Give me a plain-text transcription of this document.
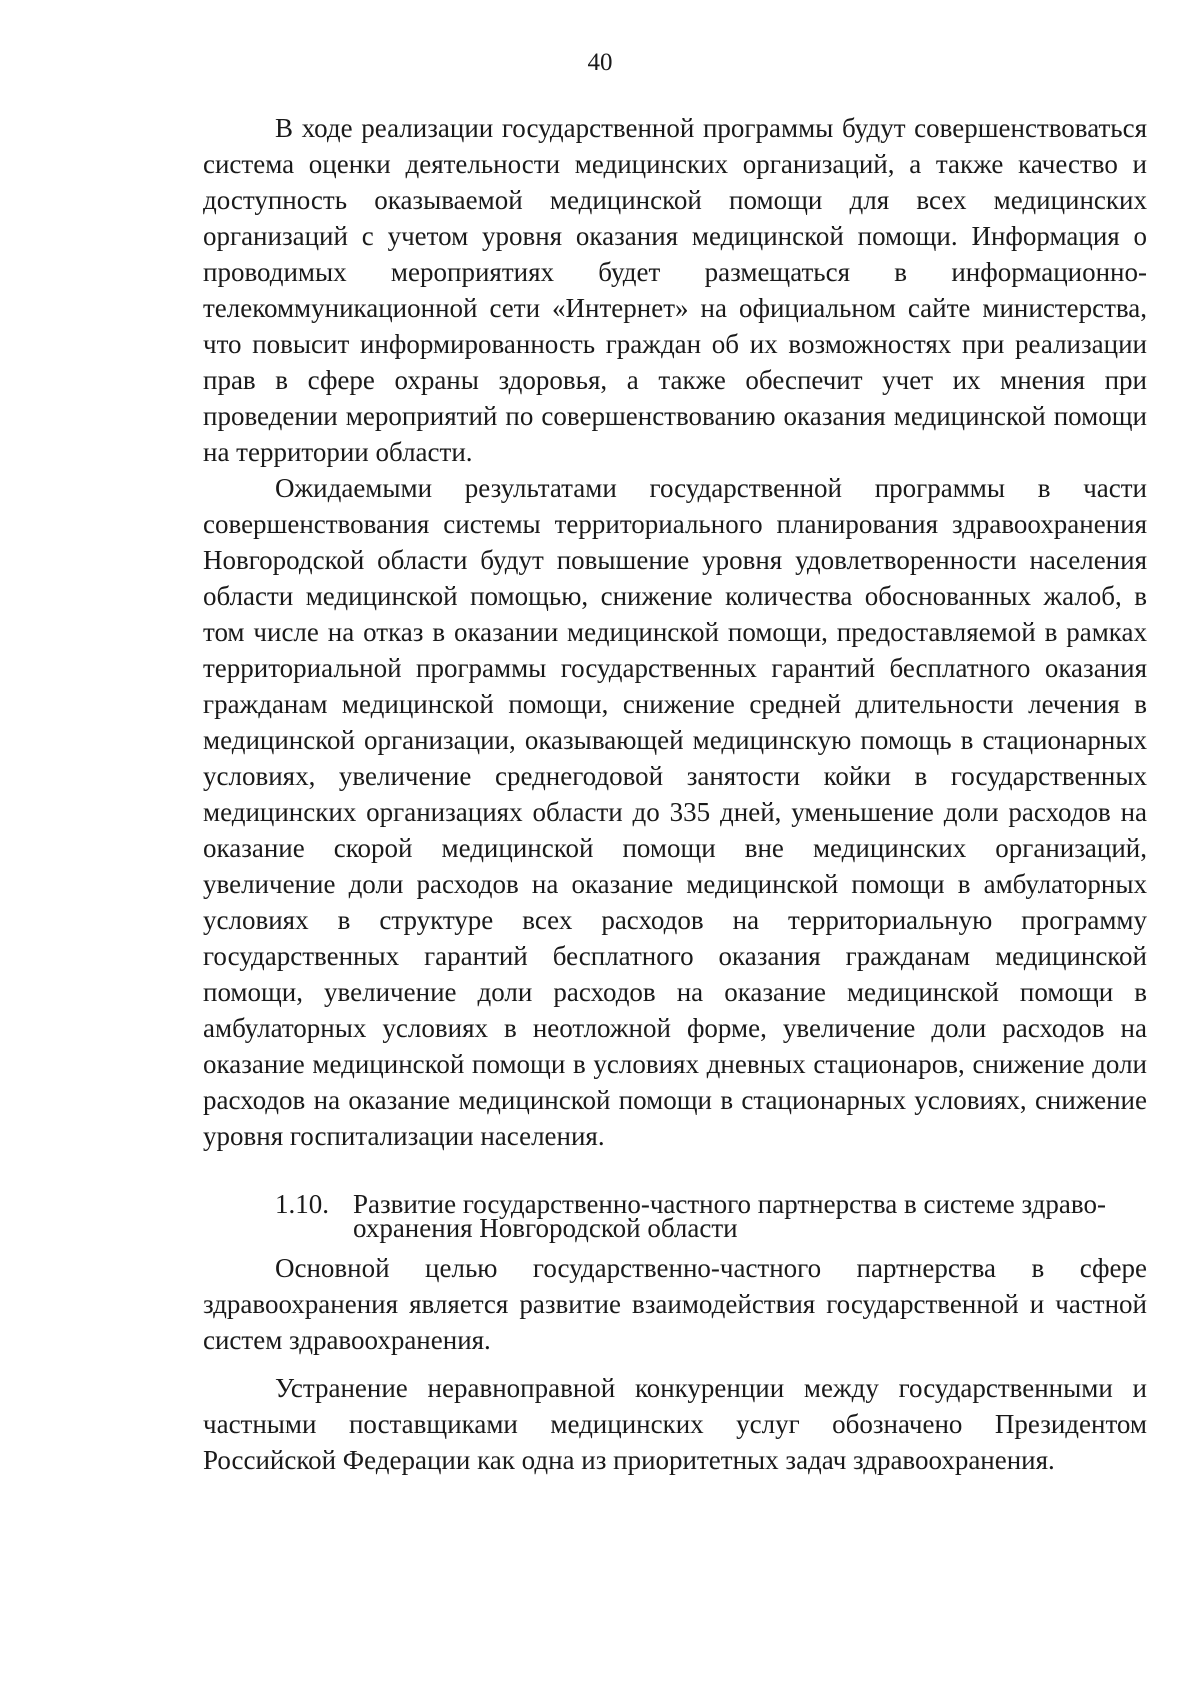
40

В ходе реализации государственной программы будут совершенствоваться система оценки деятельности медицинских организаций, а также качество и доступность оказываемой медицинской помощи для всех медицинских организаций с учетом уровня оказания медицинской помощи. Информация о проводимых мероприятиях будет размещаться в информационно-телекоммуникационной сети «Интернет» на официальном сайте министерства, что повысит информированность граждан об их возможностях при реализации прав в сфере охраны здоровья, а также обеспечит учет их мнения при проведении мероприятий по совершенствованию оказания медицинской помощи на территории области.

Ожидаемыми результатами государственной программы в части совершенствования системы территориального планирования здравоохранения Новгородской области будут повышение уровня удовлетворенности населения области медицинской помощью, снижение количества обоснованных жалоб, в том числе на отказ в оказании медицинской помощи, предоставляемой в рамках территориальной программы государственных гарантий бесплатного оказания гражданам медицинской помощи, снижение средней длительности лечения в медицинской организации, оказывающей медицинскую помощь в стационарных условиях, увеличение среднегодовой занятости койки в государственных медицинских организациях области до 335 дней, уменьшение доли расходов на оказание скорой медицинской помощи вне медицинских организаций, увеличение доли расходов на оказание медицинской помощи в амбулаторных условиях в структуре всех расходов на территориальную программу государственных гарантий бесплатного оказания гражданам медицинской помощи, увеличение доли расходов на оказание медицинской помощи в амбулаторных условиях в неотложной форме, увеличение доли расходов на оказание медицинской помощи в условиях дневных стационаров, снижение доли расходов на оказание медицинской помощи в стационарных условиях, снижение уровня госпитализации населения.

1.10. Развитие государственно-частного партнерства в системе здраво-
охранения Новгородской области

Основной целью государственно-частного партнерства в сфере здравоохранения является развитие взаимодействия государственной и частной систем здравоохранения.

Устранение неравноправной конкуренции между государственными и частными поставщиками медицинских услуг обозначено Президентом Российской Федерации как одна из приоритетных задач здравоохранения.
